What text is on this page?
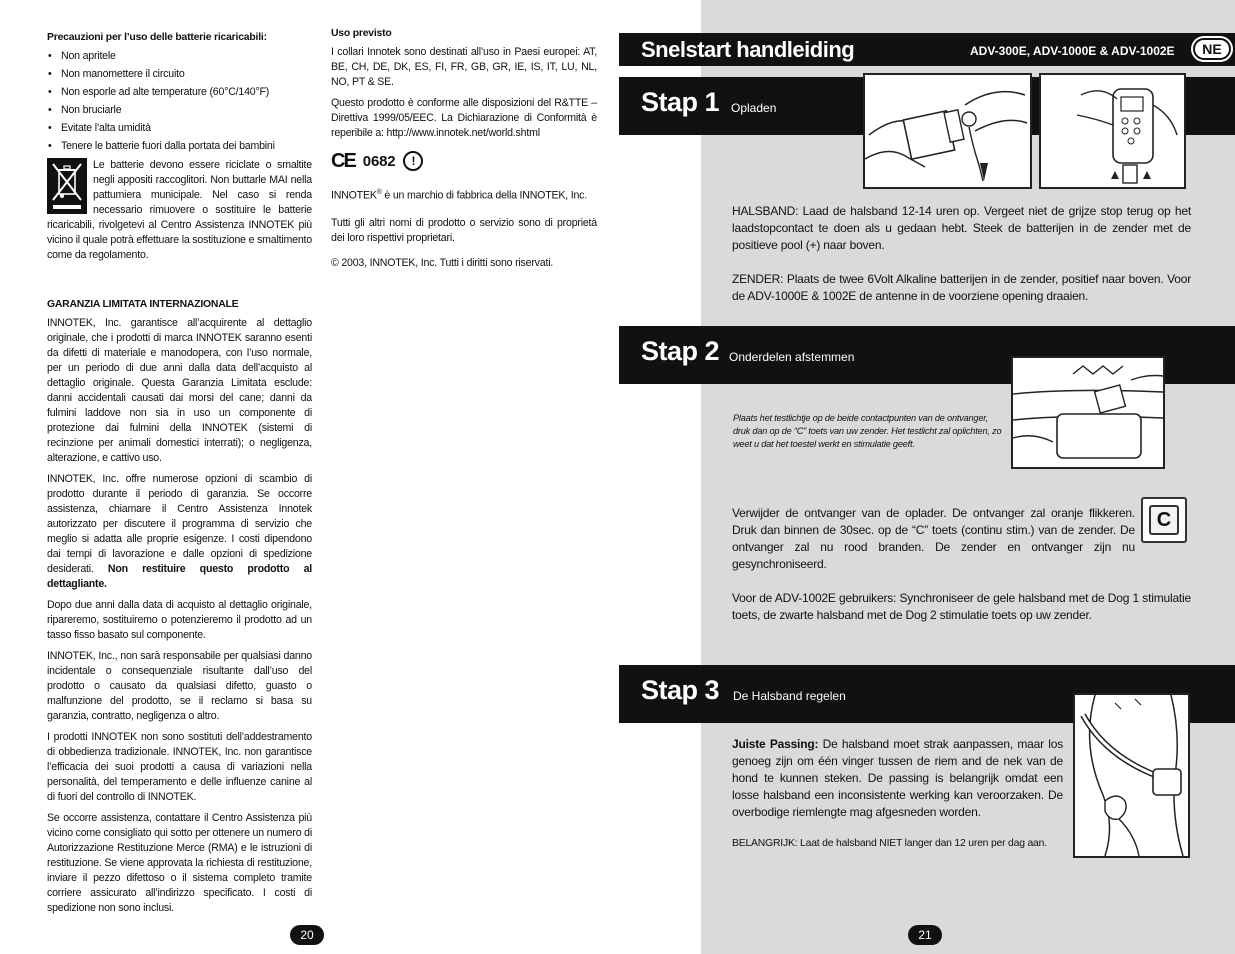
Precauzioni per l’uso delle batterie ricaricabili:
• Non apritele
• Non manomettere il circuito
• Non esporle ad alte temperature (60°C/140°F)
• Non bruciarle
• Evitate l’alta umidità
• Tenere le batterie fuori dalla portata dei bambini

Le batterie devono essere riciclate o smaltite negli appositi raccoglitori. Non buttarle MAI nella pattumiera municipale. Nel caso si renda necessario rimuovere o sostituire le batterie ricaricabili, rivolgetevi al Centro Assistenza INNOTEK più vicino il quale potrà effettuare la sostituzione e smaltimento come da regolamento.

GARANZIA LIMITATA INTERNAZIONALE

INNOTEK, Inc. garantisce all’acquirente al dettaglio originale, che i prodotti di marca INNOTEK saranno esenti da difetti di materiale e manodopera, con l’uso normale, per un periodo di due anni dalla data dell’acquisto al dettaglio originale. Questa Garanzia Limitata esclude: danni accidentali causati dai morsi del cane; danni da fulmini laddove non sia in uso un componente di protezione dai fulmini della INNOTEK (sistemi di recinzione per animali domestici interrati); o negligenza, alterazione, e cattivo uso.

INNOTEK, Inc. offre numerose opzioni di scambio di prodotto durante il periodo di garanzia. Se occorre assistenza, chiamare il Centro Assistenza Innotek autorizzato per discutere il programma di servizio che meglio si adatta alle proprie esigenze. I costi dipendono dai tempi di lavorazione e dalle opzioni di spedizione desiderati. Non restituire questo prodotto al dettagliante.

Dopo due anni dalla data di acquisto al dettaglio originale, ripareremo, sostituiremo o potenzieremo il prodotto ad un tasso fisso basato sul componente.

INNOTEK, Inc., non sarà responsabile per qualsiasi danno incidentale o consequenziale risultante dall’uso del prodotto o causato da qualsiasi difetto, guasto o malfunzione del prodotto, se il reclamo si basa su garanzia, contratto, negligenza o altro.

I prodotti INNOTEK non sono sostituti dell’addestramento di obbedienza tradizionale. INNOTEK, Inc. non garantisce l’efficacia dei suoi prodotti a causa di variazioni nella personalità, del temperamento e delle influenze canine al di fuori del controllo di INNOTEK.

Se occorre assistenza, contattare il Centro Assistenza più vicino come consigliato qui sotto per ottenere un numero di Autorizzazione Restituzione Merce (RMA) e le istruzioni di restituzione. Se viene approvata la richiesta di restituzione, inviare il pezzo difettoso o il sistema completo tramite corriere assicurato all’indirizzo specificato. I costi di spedizione non sono inclusi.

Uso previsto

I collari Innotek sono destinati all’uso in Paesi europei: AT, BE, CH, DE, DK, ES, FI, FR, GB, GR, IE, IS, IT, LU, NL, NO, PT & SE.

Questo prodotto è conforme alle disposizioni del R&TTE – Direttiva 1999/05/EEC. La Dichiarazione di Conformità è reperibile a: http://www.innotek.net/world.shtml

CE 0682	!

INNOTEK® è un marchio di fabbrica della INNOTEK, Inc.

Tutti gli altri nomi di prodotto o servizio sono di proprietà dei loro rispettivi proprietari.

© 2003, INNOTEK, Inc. Tutti i diritti sono riservati.

20
Snelstart handleiding	ADV-300E, ADV-1000E & ADV-1002E	NE
Stap 1 Opladen

HALSBAND: Laad de halsband 12-14 uren op. Vergeet niet de grijze stop terug op het laadstopcontact te doen als u gedaan hebt. Steek de batterijen in de zender met de positieve pool (+) naar boven.

ZENDER: Plaats de twee 6Volt Alkaline batterijen in de zender, positief naar boven. Voor de ADV-1000E & 1002E de antenne in de voorziene opening draaien.

Stap 2 Onderdelen afstemmen

Plaats het testlichtje op de beide contactpunten van de ontvanger, druk dan op de “C” toets van uw zender. Het testlicht zal oplichten, zo weet u dat het toestel werkt en stimulatie geeft.

Verwijder de ontvanger van de oplader. De ontvanger zal oranje flikkeren. Druk dan binnen de 30sec. op de “C” toets (continu stim.) van de zender. De ontvanger zal nu rood branden. De zender en ontvanger zijn nu gesynchroniseerd.

C

Voor de ADV-1002E gebruikers: Synchroniseer de gele halsband met de Dog 1 stimulatie toets, de zwarte halsband met de Dog 2 stimulatie toets op uw zender.

Stap 3 De Halsband regelen

Juiste Passing: De halsband moet strak aanpassen, maar los genoeg zijn om één vinger tussen de riem and de nek van de hond te kunnen steken. De passing is belangrijk omdat een losse halsband een inconsistente werking kan veroorzaken. De overbodige riemlengte mag afgesneden worden.

BELANGRIJK: Laat de halsband NIET langer dan 12 uren per dag aan.

21
